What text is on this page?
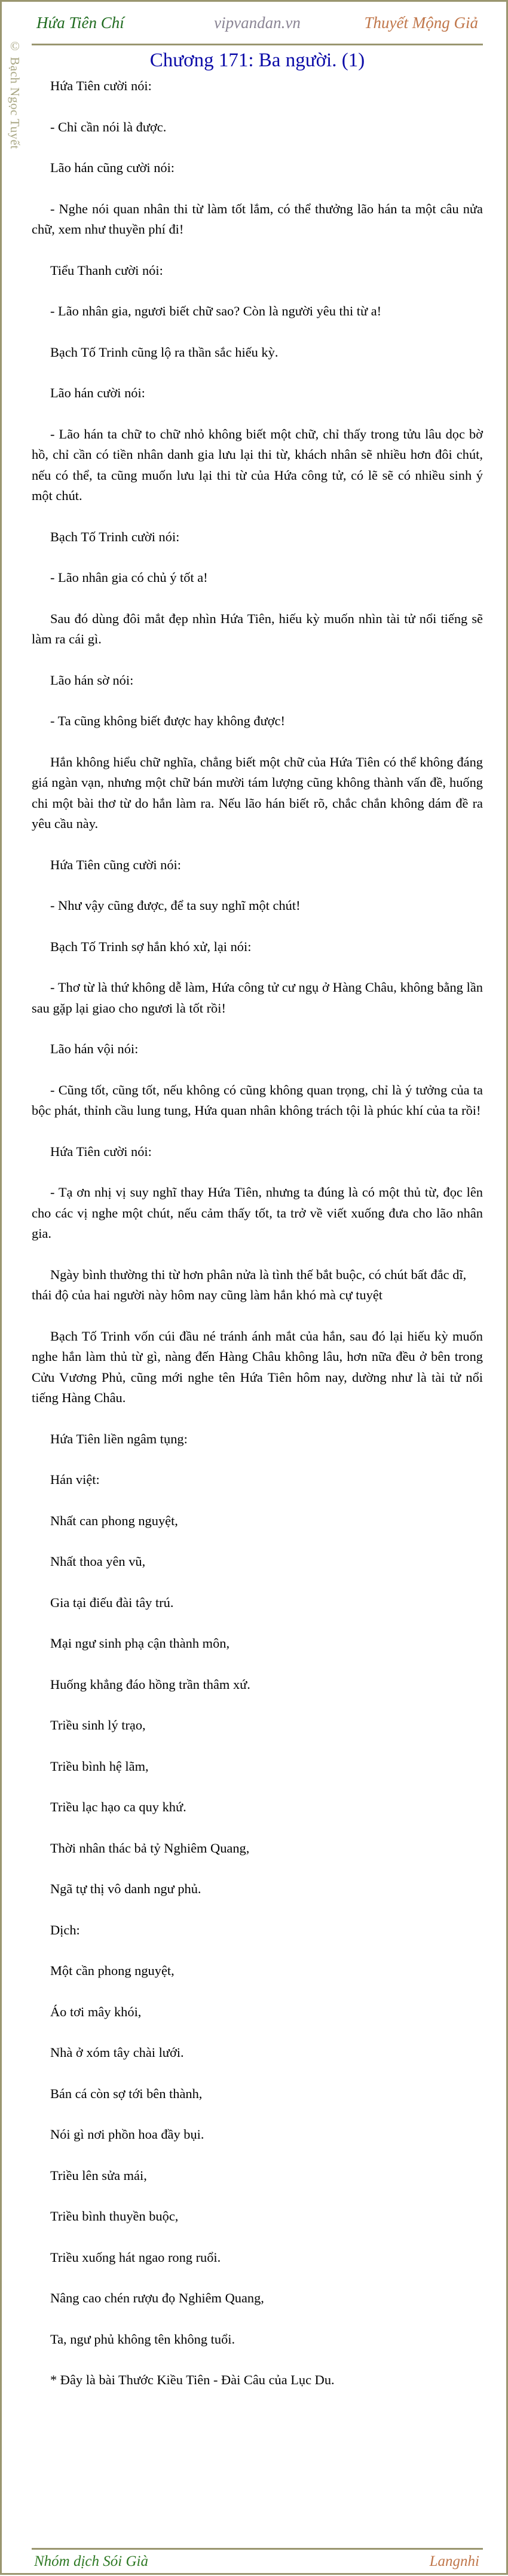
© Bạch Ngọc Tuyết
Hứa Tiên Chí	vipvandan.vn	Thuyết Mộng Giả
Chương 171: Ba người. (1)

Hứa Tiên cười nói:

- Chỉ cần nói là được.

Lão hán cũng cười nói:

- Nghe nói quan nhân thi từ làm tốt lắm, có thể thưởng lão hán ta một câu nửa chữ, xem như thuyền phí đi!

Tiểu Thanh cười nói:

- Lão nhân gia, ngươi biết chữ sao? Còn là người yêu thi từ a!

Bạch Tố Trinh cũng lộ ra thần sắc hiếu kỳ.

Lão hán cười nói:

- Lão hán ta chữ to chữ nhỏ không biết một chữ, chỉ thấy trong tửu lâu dọc bờ hồ, chỉ cần có tiền nhân danh gia lưu lại thi từ, khách nhân sẽ nhiều hơn đôi chút, nếu có thể, ta cũng muốn lưu lại thi từ của Hứa công tử, có lẽ sẽ có nhiều sinh ý một chút.

Bạch Tố Trinh cười nói:

- Lão nhân gia có chủ ý tốt a!

Sau đó dùng đôi mắt đẹp nhìn Hứa Tiên, hiếu kỳ muốn nhìn tài tử nổi tiếng sẽ làm ra cái gì.

Lão hán sờ nói:

- Ta cũng không biết được hay không được!

Hắn không hiểu chữ nghĩa, chẳng biết một chữ của Hứa Tiên có thể không đáng giá ngàn vạn, nhưng một chữ bán mười tám lượng cũng không thành vấn đề, huống chi một bài thơ từ do hắn làm ra. Nếu lão hán biết rõ, chắc chắn không dám đề ra yêu cầu này.

Hứa Tiên cũng cười nói:

- Như vậy cũng được, để ta suy nghĩ một chút!

Bạch Tố Trinh sợ hắn khó xử, lại nói:

- Thơ từ là thứ không dễ làm, Hứa công tử cư ngụ ở Hàng Châu, không bằng lần sau gặp lại giao cho ngươi là tốt rồi!

Lão hán vội nói:

- Cũng tốt, cũng tốt, nếu không có cũng không quan trọng, chỉ là ý tưởng của ta bộc phát, thỉnh cầu lung tung, Hứa quan nhân không trách tội là phúc khí của ta rồi!

Hứa Tiên cười nói:

- Tạ ơn nhị vị suy nghĩ thay Hứa Tiên, nhưng ta đúng là có một thủ từ, đọc lên cho các vị nghe một chút, nếu cảm thấy tốt, ta trở về viết xuống đưa cho lão nhân gia.

Ngày bình thường thi từ hơn phân nửa là tình thế bắt buộc, có chút bất đắc dĩ, thái độ của hai người này hôm nay cũng làm hắn khó mà cự tuyệt

Bạch Tố Trinh vốn cúi đầu né tránh ánh mắt của hắn, sau đó lại hiếu kỳ muốn nghe hắn làm thủ từ gì, nàng đến Hàng Châu không lâu, hơn nữa đều ở bên trong Cửu Vương Phủ, cũng mới nghe tên Hứa Tiên hôm nay, dường như là tài tử nổi tiếng Hàng Châu.

Hứa Tiên liền ngâm tụng:

Hán việt:

Nhất can phong nguyệt,

Nhất thoa yên vũ,

Gia tại điếu đài tây trú.

Mại ngư sinh phạ cận thành môn,

Huống khẳng đáo hồng trần thâm xứ.

Triều sinh lý trạo,

Triều bình hệ lãm,

Triều lạc hạo ca quy khứ.

Thời nhân thác bả tỷ Nghiêm Quang,

Ngã tự thị vô danh ngư phủ.

Dịch:

Một cần phong nguyệt,

Áo tơi mây khói,

Nhà ở xóm tây chài lưới.

Bán cá còn sợ tới bên thành,

Nói gì nơi phồn hoa đầy bụi.

Triều lên sửa mái,

Triều bình thuyền buộc,

Triều xuống hát ngao rong ruổi.

Nâng cao chén rượu đọ Nghiêm Quang,

Ta, ngư phủ không tên không tuổi.

* Đây là bài Thước Kiều Tiên - Đài Câu của Lục Du.

Nhóm dịch Sói Già	Langnhi
